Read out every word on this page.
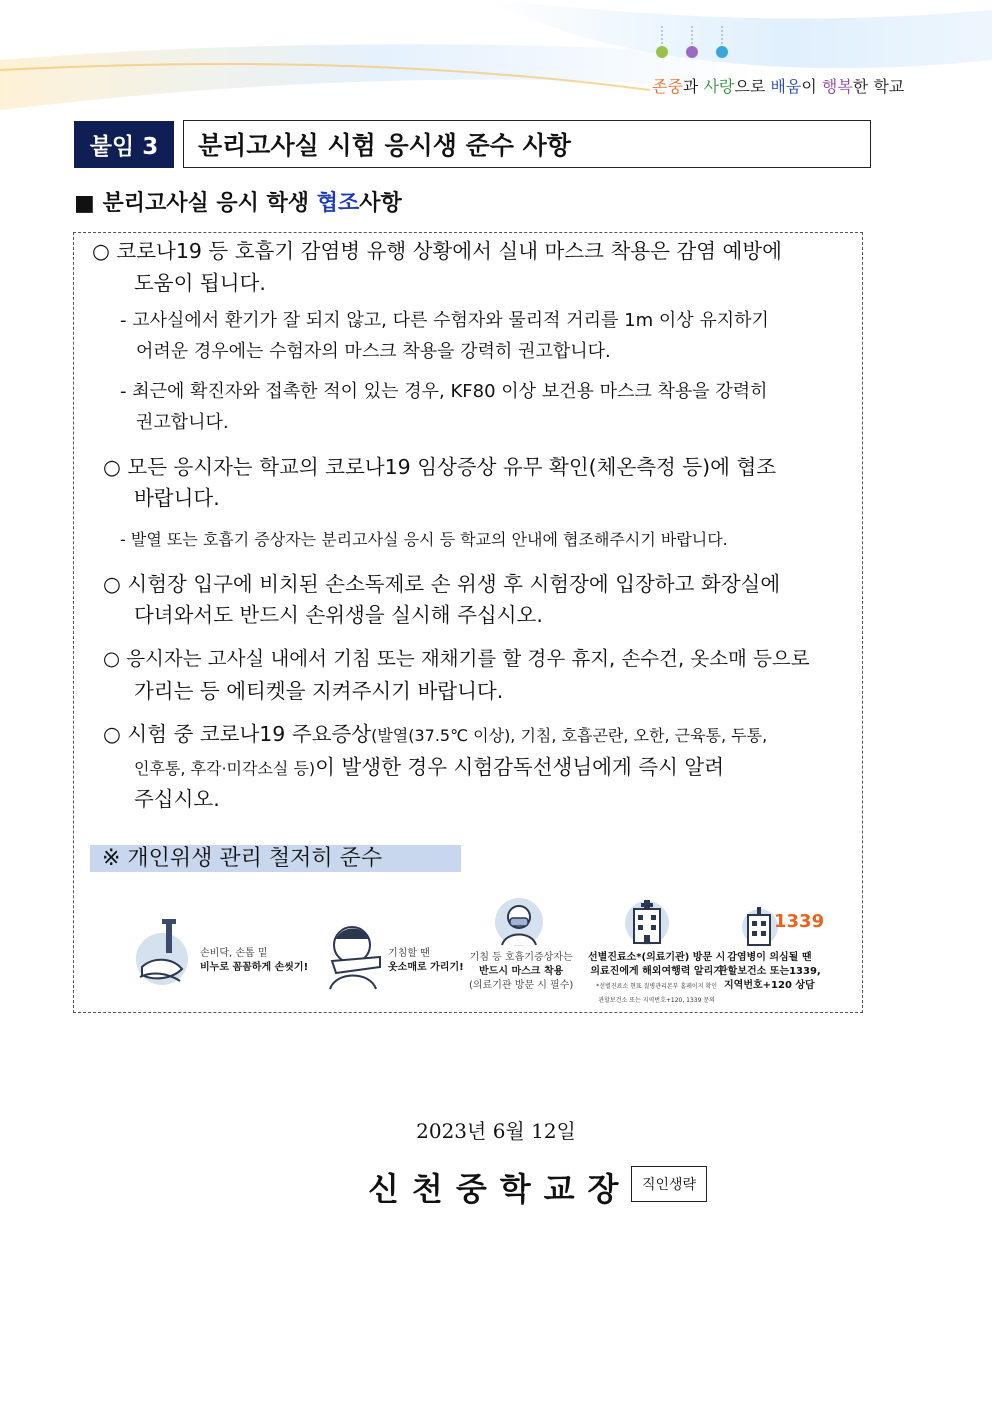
존중과 사랑으로 배움이 행복한 학교
붙임 3	분리고사실 시험 응시생 준수 사항
■ 분리고사실 응시 학생 협조사항
○ 코로나19 등 호흡기 감염병 유행 상황에서 실내 마스크 착용은 감염 예방에
도움이 됩니다.
- 고사실에서 환기가 잘 되지 않고, 다른 수험자와 물리적 거리를 1m 이상 유지하기
어려운 경우에는 수험자의 마스크 착용을 강력히 권고합니다.
- 최근에 확진자와 접촉한 적이 있는 경우, KF80 이상 보건용 마스크 착용을 강력히
권고합니다.
○ 모든 응시자는 학교의 코로나19 임상증상 유무 확인(체온측정 등)에 협조
바랍니다.
- 발열 또는 호흡기 증상자는 분리고사실 응시 등 학교의 안내에 협조해주시기 바랍니다.
○ 시험장 입구에 비치된 손소독제로 손 위생 후 시험장에 입장하고 화장실에
다녀와서도 반드시 손위생을 실시해 주십시오.
○ 응시자는 고사실 내에서 기침 또는 재채기를 할 경우 휴지, 손수건, 옷소매 등으로
가리는 등 에티켓을 지켜주시기 바랍니다.
○ 시험 중 코로나19 주요증상(발열(37.5℃ 이상), 기침, 호흡곤란, 오한, 근육통, 두통,
인후통, 후각·미각소실 등)이 발생한 경우 시험감독선생님에게 즉시 알려
주십시오.
※ 개인위생 관리 철저히 준수
손비닥, 손톱 밑
비누로 꼼꼼하게 손씻기!
기침할 땐
옷소매로 가리기!
기침 등 호흡기증상자는
반드시 마스크 착용
(의료기관 방문 시 필수)
선별진료소*(의료기관) 방문 시
의료진에게 해외여행력 알리기
*선별진료소 현표 질병관리본부 홈페이지 확인
관할보건소 또는 지역번호+120, 1339 문의
1339
감염병이 의심될 땐
관할보건소 또는1339,
지역번호+120 상담
2023년 6월 12일
신천중학교장 직인생략
